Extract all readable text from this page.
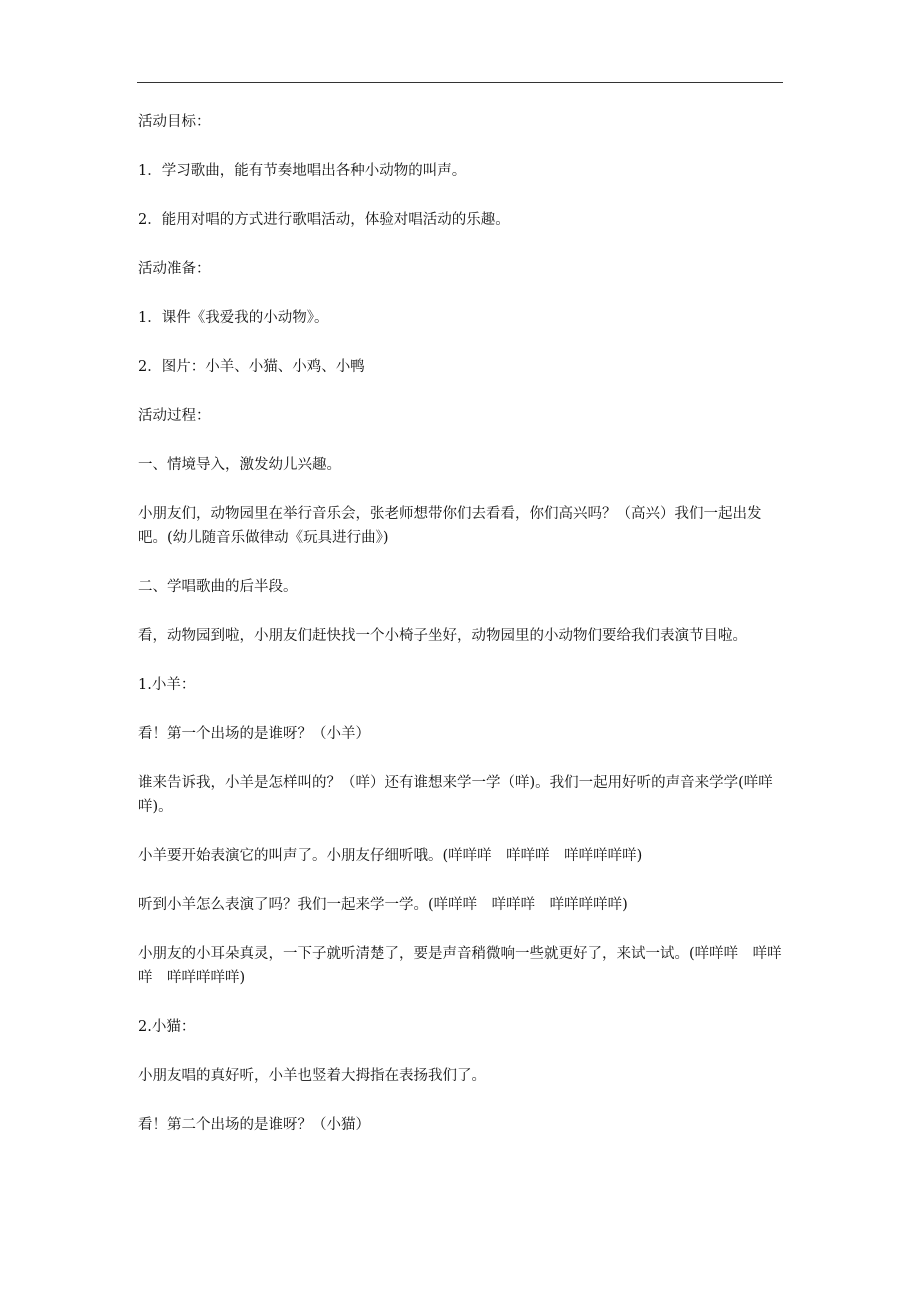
活动目标：

1．学习歌曲，能有节奏地唱出各种小动物的叫声。

2．能用对唱的方式进行歌唱活动，体验对唱活动的乐趣。

活动准备：

1．课件《我爱我的小动物》。

2．图片：小羊、小猫、小鸡、小鸭

活动过程：

一、情境导入，激发幼儿兴趣。

小朋友们，动物园里在举行音乐会，张老师想带你们去看看，你们高兴吗？（高兴）我们一起出发吧。(幼儿随音乐做律动《玩具进行曲》)

二、学唱歌曲的后半段。

看，动物园到啦，小朋友们赶快找一个小椅子坐好，动物园里的小动物们要给我们表演节目啦。

1.小羊：

看！第一个出场的是谁呀？（小羊）

谁来告诉我，小羊是怎样叫的？（咩）还有谁想来学一学（咩)。我们一起用好听的声音来学学(咩咩咩)。

小羊要开始表演它的叫声了。小朋友仔细听哦。(咩咩咩　咩咩咩　咩咩咩咩咩)

听到小羊怎么表演了吗？我们一起来学一学。(咩咩咩　咩咩咩　咩咩咩咩咩)

小朋友的小耳朵真灵，一下子就听清楚了，要是声音稍微响一些就更好了，来试一试。(咩咩咩　咩咩咩　咩咩咩咩咩)

2.小猫：

小朋友唱的真好听，小羊也竖着大拇指在表扬我们了。

看！第二个出场的是谁呀？（小猫）
